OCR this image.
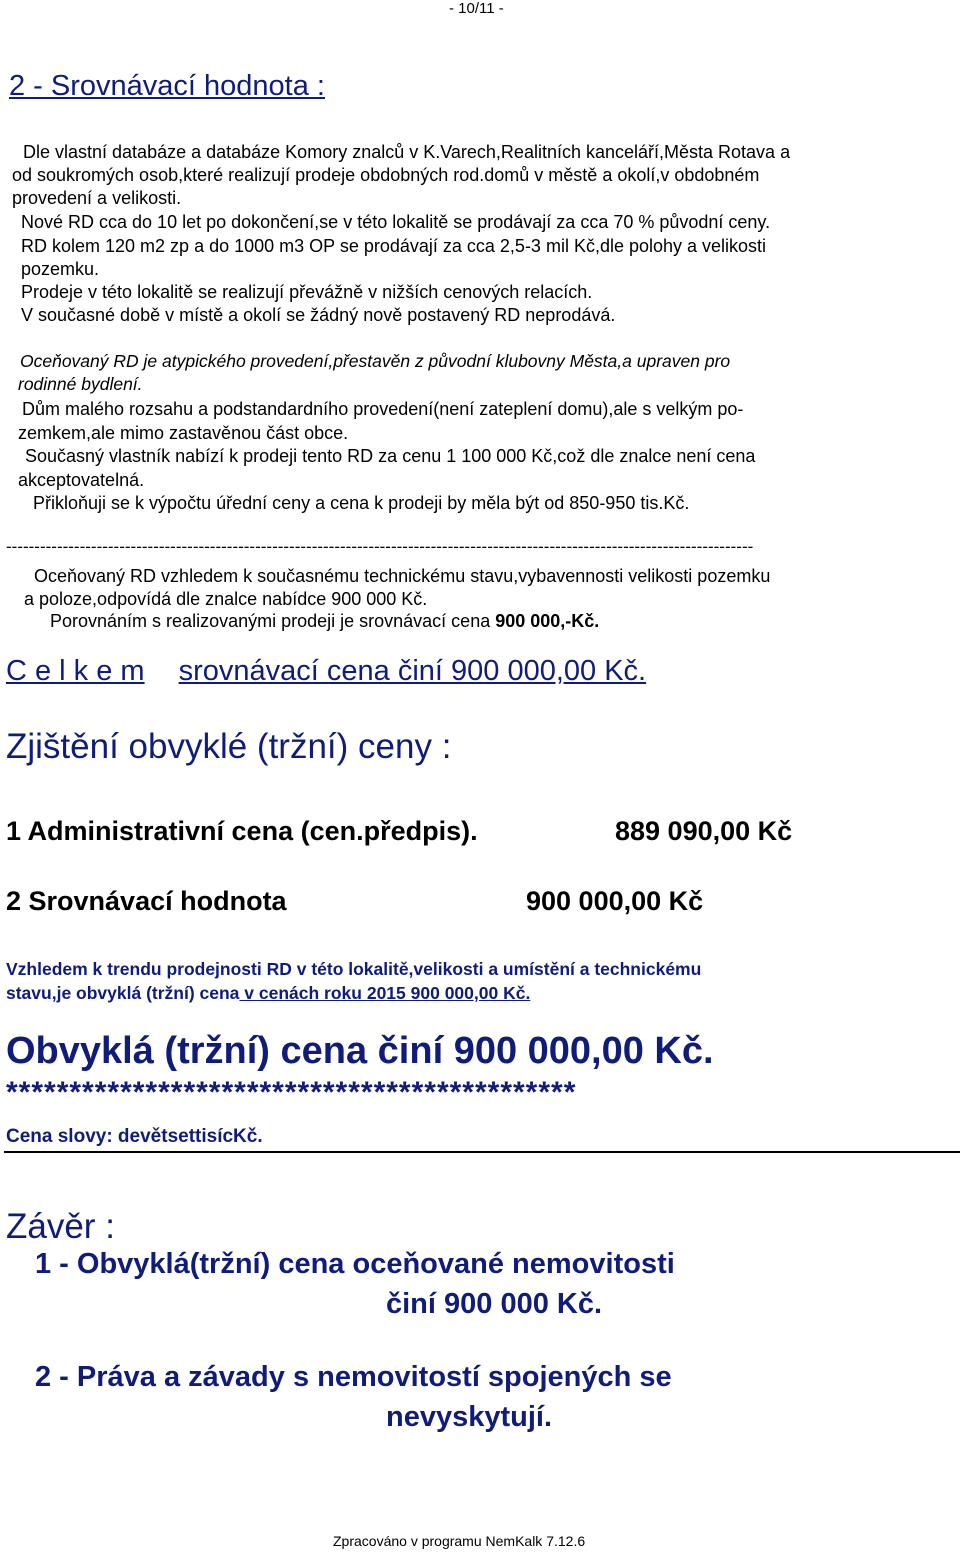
- 10/11 -
2 - Srovnávací hodnota :
Dle vlastní databáze a databáze Komory znalců v K.Varech,Realitních kanceláří,Města Rotava a
od soukromých osob,které realizují prodeje obdobných rod.domů v městě a okolí,v obdobném
provedení a velikosti.
Nové RD cca do 10 let po dokončení,se v této lokalitě se prodávají za cca 70 % původní ceny.
RD kolem 120 m2 zp a do 1000 m3 OP se prodávají za cca 2,5-3 mil Kč,dle polohy a velikosti
pozemku.
Prodeje v této lokalitě se realizují převážně v nižších cenových relacích.
V současné době v místě a okolí se žádný nově postavený RD neprodává.
Oceňovaný RD je atypického provedení,přestavěn z původní klubovny Města,a upraven pro
rodinné bydlení.
Dům malého rozsahu a podstandardního provedení(není zateplení domu),ale s velkým po-
zemkem,ale mimo zastavěnou část obce.
Současný vlastník nabízí k prodeji tento RD za cenu 1 100 000 Kč,což dle znalce není cena
akceptovatelná.
Přikloňuji se k výpočtu úřední ceny a cena k prodeji by měla být od 850-950 tis.Kč.
------------------------------------------------------------------------------------------------------------------------------------
Oceňovaný RD vzhledem k současnému technickému stavu,vybavennosti velikosti pozemku
a poloze,odpovídá dle znalce nabídce 900 000 Kč.
Porovnáním s realizovanými prodeji je srovnávací cena 900 000,-Kč.
C e l k e m srovnávací cena činí 900 000,00 Kč.
Zjištění obvyklé (tržní) ceny :
1 Administrativní cena (cen.předpis).	889 090,00 Kč
2 Srovnávací hodnota	900 000,00 Kč
Vzhledem k trendu prodejnosti RD v této lokalitě,velikosti a umístění a technickému
stavu,je obvyklá (tržní) cena v cenách roku 2015 900 000,00 Kč.
Obvyklá (tržní) cena činí 900 000,00 Kč.
*********************************************
Cena slovy: devětsettisícKč.
Závěr :
1 - Obvyklá(tržní) cena oceňované nemovitosti
činí 900 000 Kč.
2 - Práva a závady s nemovitostí spojených se
nevyskytují.
Zpracováno v programu NemKalk 7.12.6
